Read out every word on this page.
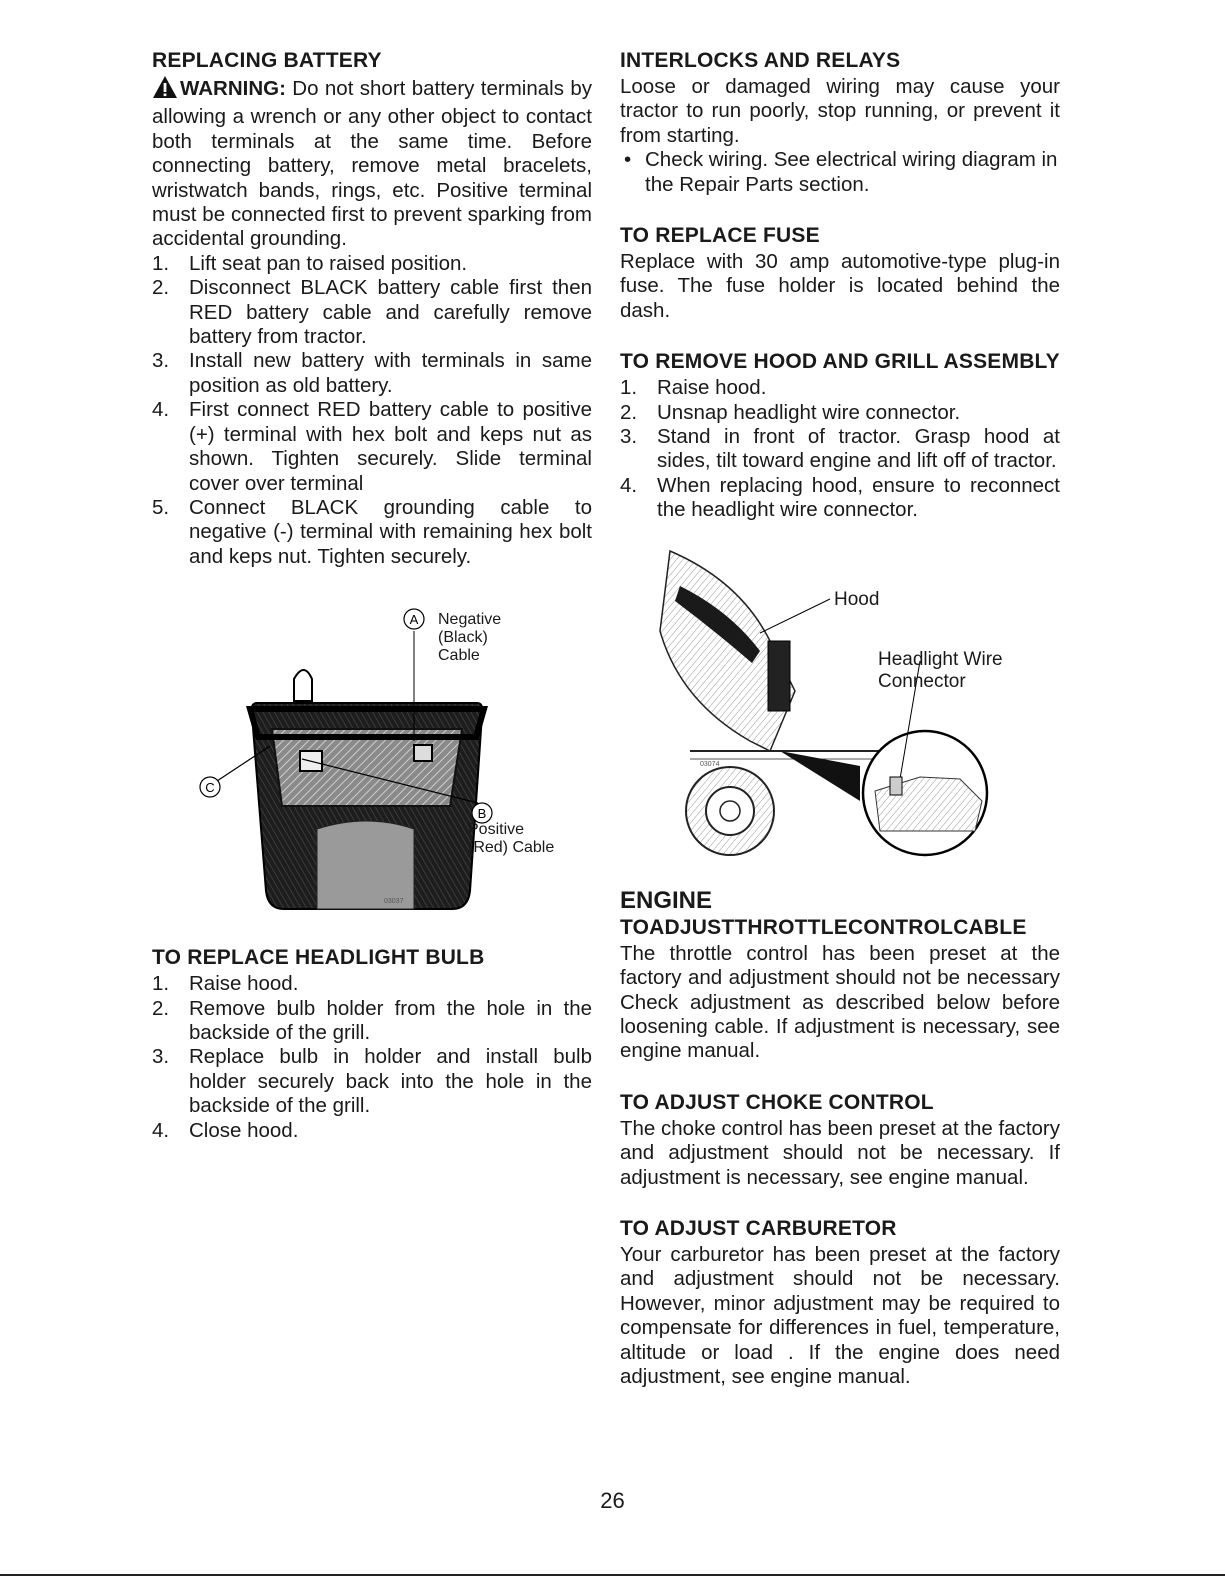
REPLACING BATTERY

WARNING: Do not short battery terminals by allowing a wrench or any other object to contact both terminals at the same time. Before connecting battery, remove metal bracelets, wristwatch bands, rings, etc. Positive terminal must be connected first to prevent sparking from accidental grounding.

1. Lift seat pan to raised position.
2. Disconnect BLACK battery cable first then RED battery cable and carefully remove battery from tractor.
3. Install new battery with terminals in same position as old battery.
4. First connect RED battery cable to positive (+) terminal with hex bolt and keps nut as shown. Tighten securely. Slide terminal cover over terminal
5. Connect BLACK grounding cable to negative (-) terminal with remaining hex bolt and keps nut. Tighten securely.
A
B
C
03037
Negative (Black) Cable
Positive (Red) Cable
TO REPLACE HEADLIGHT BULB
1. Raise hood.
2. Remove bulb holder from the hole in the backside of the grill.
3. Replace bulb in holder and install bulb holder securely back into the hole in the backside of the grill.
4. Close hood.
INTERLOCKS AND RELAYS

Loose or damaged wiring may cause your tractor to run poorly, stop running, or prevent it from starting.

• Check wiring. See electrical wiring diagram in the Repair Parts section.
TO REPLACE FUSE

Replace with 30 amp automotive-type plug-in fuse. The fuse holder is located behind the dash.

TO REMOVE HOOD AND GRILL ASSEMBLY
1. Raise hood.
2. Unsnap headlight wire connector.
3. Stand in front of tractor. Grasp hood at sides, tilt toward engine and lift off of tractor.
4. When replacing hood, ensure to reconnect the headlight wire connector.
03074
Hood
Headlight Wire Connector
ENGINE
TOADJUSTTHROTTLECONTROLCABLE

The throttle control has been preset at the factory and adjustment should not be necessary Check adjustment as described below before loosening cable. If adjustment is necessary, see engine manual.

TO ADJUST CHOKE CONTROL

The choke control has been preset at the factory and adjustment should not be necessary. If adjustment is necessary, see engine manual.

TO ADJUST CARBURETOR

Your carburetor has been preset at the factory and adjustment should not be necessary. However, minor adjustment may be required to compensate for differences in fuel, temperature, altitude or load . If the engine does need adjustment, see engine manual.

26
